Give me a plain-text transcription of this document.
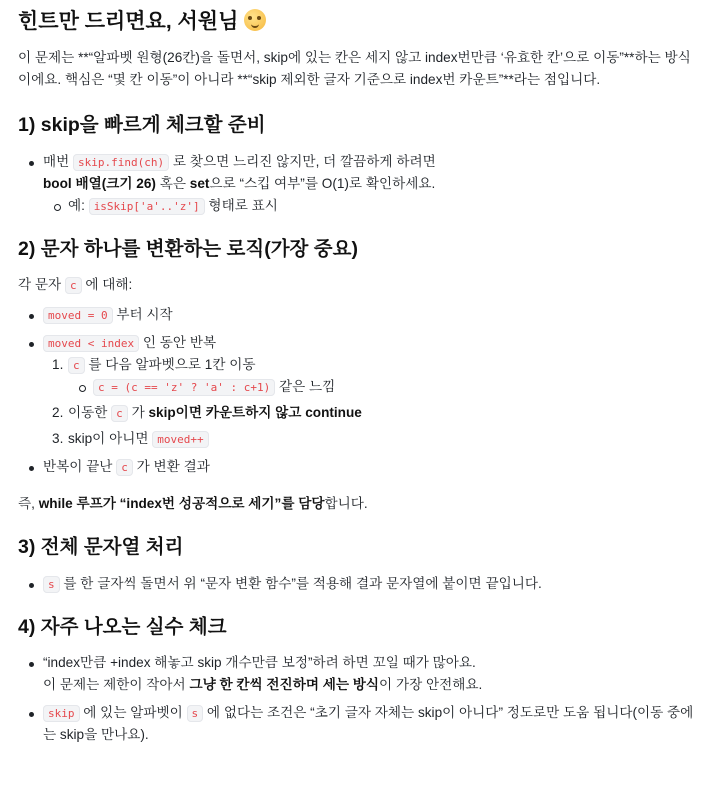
힌트만 드리면요, 서원님

이 문제는 **“알파벳 원형(26칸)을 돌면서, skip에 있는 칸은 세지 않고 index번만큼 ‘유효한 칸’으로 이동”**하는 방식이에요. 핵심은 “몇 칸 이동”이 아니라 **“skip 제외한 글자 기준으로 index번 카운트”**라는 점입니다.

1) skip을 빠르게 체크할 준비
매번 skip.find(ch) 로 찾으면 느리진 않지만, 더 깔끔하게 하려면
bool 배열(크기 26) 혹은 set으로 “스킵 여부”를 O(1)로 확인하세요.
예: isSkip['a'..'z'] 형태로 표시
2) 문자 하나를 변환하는 로직(가장 중요)

각 문자 c 에 대해:

moved = 0 부터 시작
moved < index 인 동안 반복
c 를 다음 알파벳으로 1칸 이동
c = (c == 'z' ? 'a' : c+1) 같은 느낌
이동한 c 가 skip이면 카운트하지 않고 continue
skip이 아니면 moved++
반복이 끝난 c 가 변환 결과

즉, while 루프가 “index번 성공적으로 세기”를 담당합니다.

3) 전체 문자열 처리
s 를 한 글자씩 돌면서 위 “문자 변환 함수”를 적용해 결과 문자열에 붙이면 끝입니다.
4) 자주 나오는 실수 체크
“index만큼 +index 해놓고 skip 개수만큼 보정”하려 하면 꼬일 때가 많아요.
이 문제는 제한이 작아서 그냥 한 칸씩 전진하며 세는 방식이 가장 안전해요.
skip 에 있는 알파벳이 s 에 없다는 조건은 “초기 글자 자체는 skip이 아니다” 정도로만 도움 됩니다(이동 중에는 skip을 만나요).
